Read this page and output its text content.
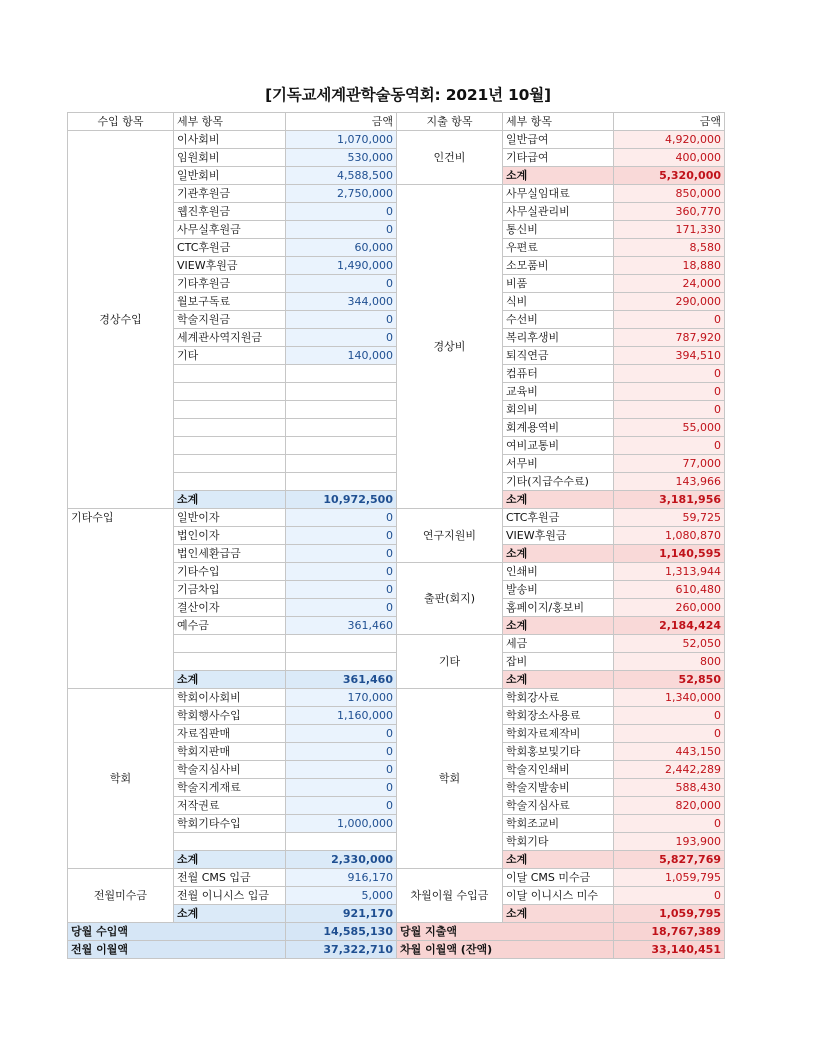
[기독교세계관학술동역회: 2021년 10월]
수입 항목	세부 항목	금액	지출 항목	세부 항목	금액
경상수입	이사회비	1,070,000	인건비	일반급여	4,920,000
	임원회비	530,000		기타급여	400,000
	일반회비	4,588,500		소계	5,320,000
	기관후원금	2,750,000	경상비	사무실임대료	850,000
	웹진후원금	0		사무실관리비	360,770
	사무실후원금	0		통신비	171,330
	CTC후원금	60,000		우편료	8,580
	VIEW후원금	1,490,000		소모품비	18,880
	기타후원금	0		비품	24,000
	월보구독료	344,000		식비	290,000
	학술지원금	0		수선비	0
	세계관사역지원금	0		복리후생비	787,920
	기타	140,000		퇴직연금	394,510
				컴퓨터	0
				교육비	0
				회의비	0
				회계용역비	55,000
				여비교통비	0
				서무비	77,000
				기타(지급수수료)	143,966
	소계	10,972,500		소계	3,181,956
기타수입	일반이자	0	연구지원비	CTC후원금	59,725
	법인이자	0		VIEW후원금	1,080,870
	법인세환급금	0		소계	1,140,595
	기타수입	0	출판(회지)	인쇄비	1,313,944
	기금차입	0		발송비	610,480
	결산이자	0		홈페이지/홍보비	260,000
	예수금	361,460		소계	2,184,424
			기타	세금	52,050
				잡비	800
	소계	361,460		소계	52,850
학회	학회이사회비	170,000	학회	학회강사료	1,340,000
	학회행사수입	1,160,000		학회장소사용료	0
	자료집판매	0		학회자료제작비	0
	학회지판매	0		학회홍보및기타	443,150
	학술지심사비	0		학술지인쇄비	2,442,289
	학술지게재료	0		학술지발송비	588,430
	저작권료	0		학술지심사료	820,000
	학회기타수입	1,000,000		학회조교비	0
				학회기타	193,900
	소계	2,330,000		소계	5,827,769
전월미수금	전월 CMS 입금	916,170	차월이월 수입금	이달 CMS 미수금	1,059,795
	전월 이니시스 입금	5,000		이달 이니시스 미수	0
	소계	921,170		소계	1,059,795
당월 수입액		14,585,130	당월 지출액		18,767,389
전월 이월액		37,322,710	차월 이월액 (잔액)		33,140,451
